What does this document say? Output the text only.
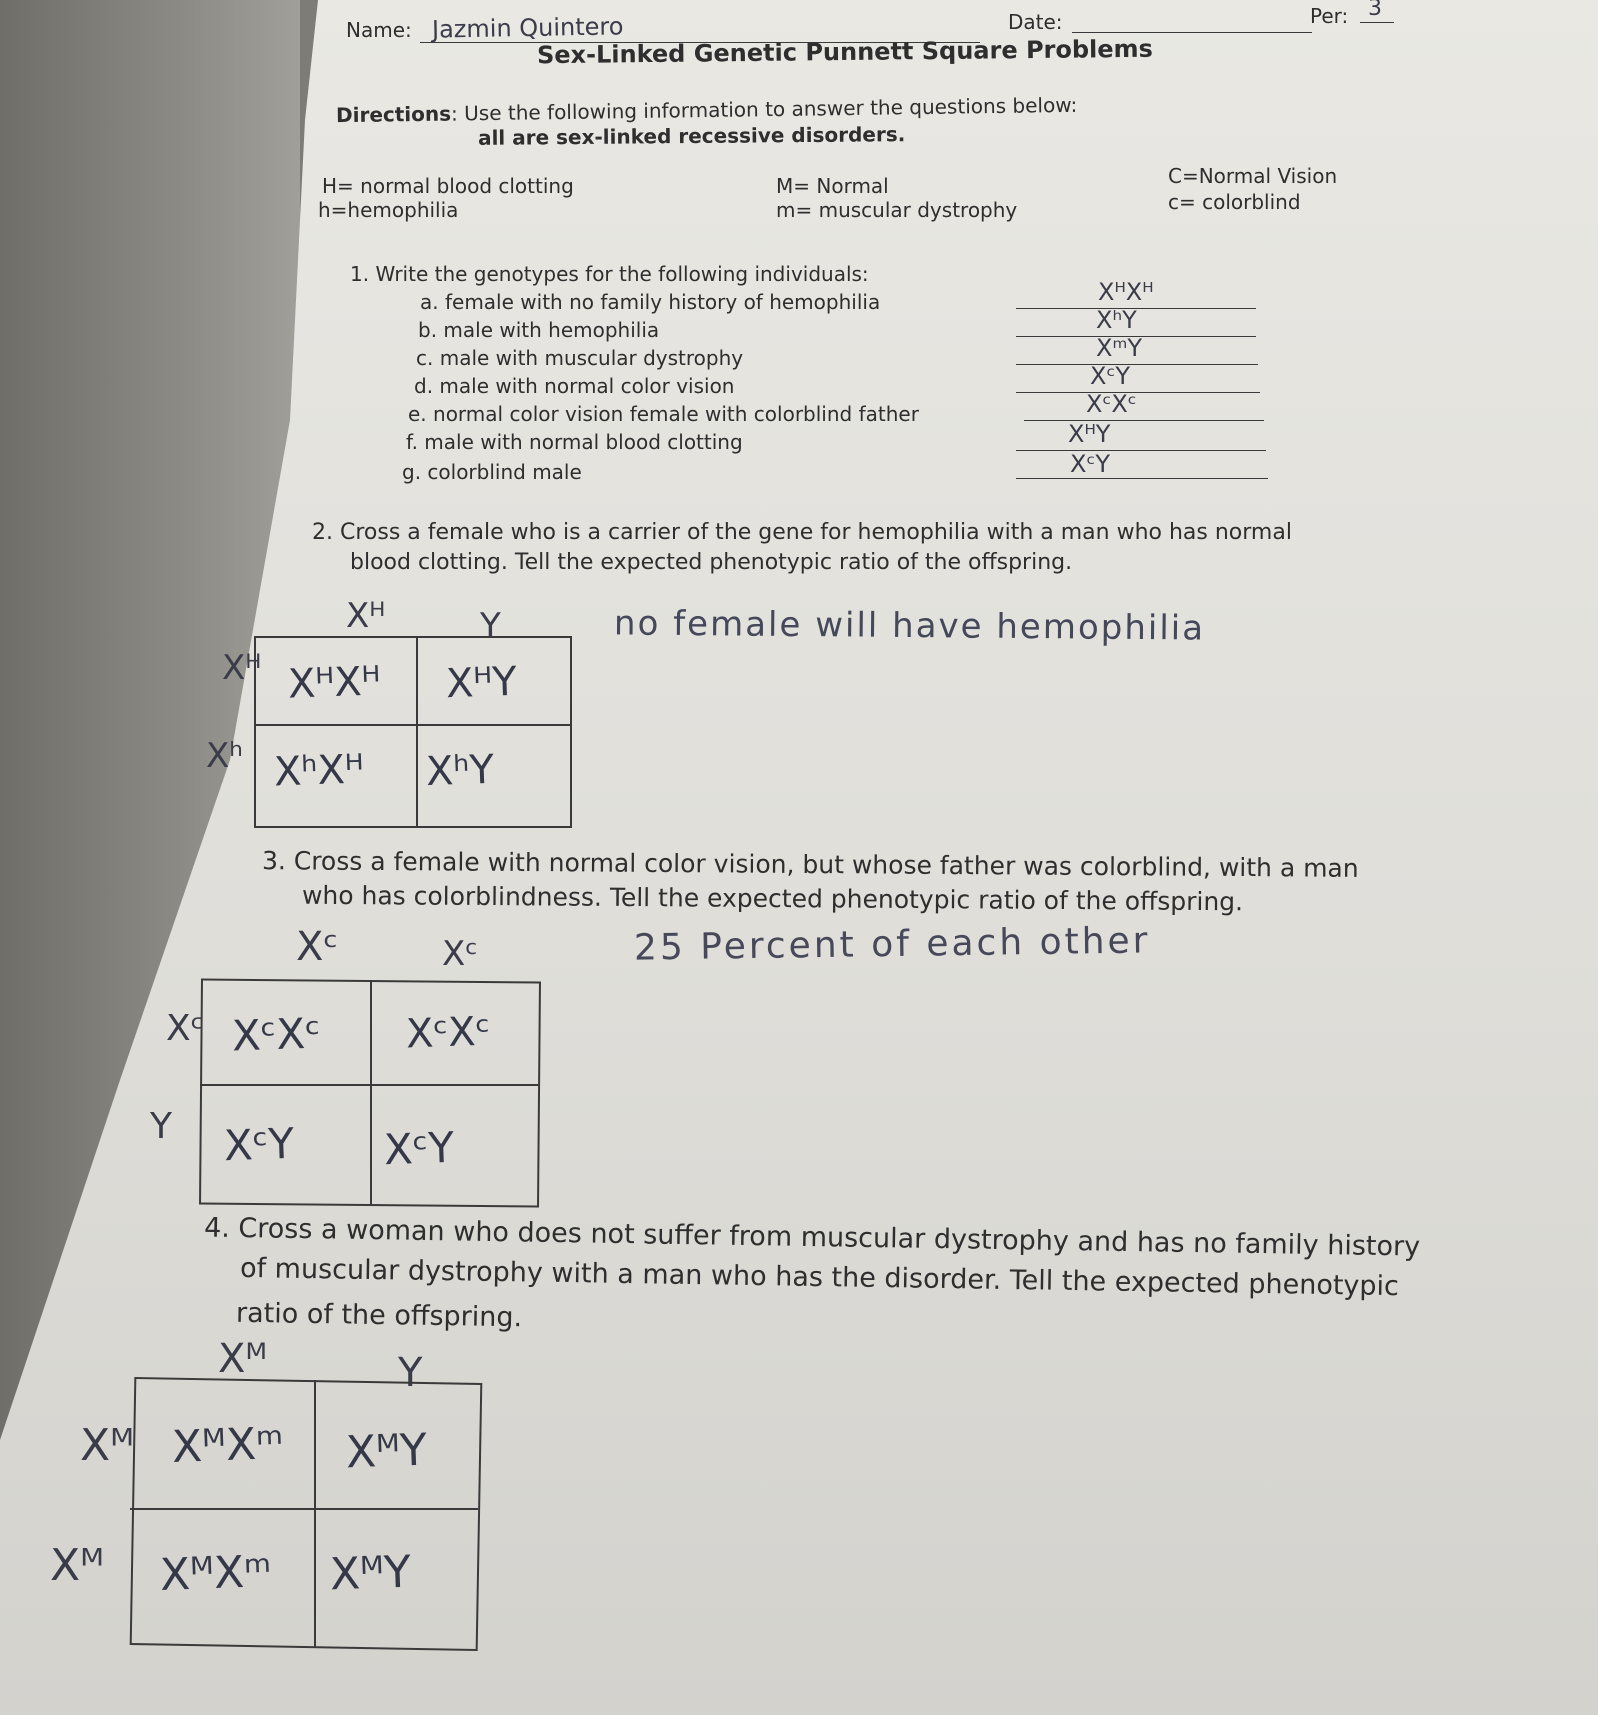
Name: Jazmin Quintero	Date:	Per: 3
Sex-Linked Genetic Punnett Square Problems
Directions: Use the following information to answer the questions below:
all are sex-linked recessive disorders.
H= normal blood clotting
h=hemophilia
M= Normal
m= muscular dystrophy
C=Normal Vision
c= colorblind
1. Write the genotypes for the following individuals:
a. female with no family history of hemophilia	XᴴXᴴ
b. male with hemophilia	XʰY
c. male with muscular dystrophy	XᵐY
d. male with normal color vision	XᶜY
e. normal color vision female with colorblind father	XᶜXᶜ
f. male with normal blood clotting	XᴴY
g. colorblind male	XᶜY
2. Cross a female who is a carrier of the gene for hemophilia with a man who has normal
blood clotting. Tell the expected phenotypic ratio of the offspring.
no female will have hemophilia
Xᴴ	Y
Xᴴ
Xʰ
XᴴXᴴ XᴴY
XʰXᴴ XʰY
3. Cross a female with normal color vision, but whose father was colorblind, with a man
who has colorblindness. Tell the expected phenotypic ratio of the offspring.
25 Percent of each other
Xᶜ	Xᶜ
Xᶜ
Y
XᶜXᶜ XᶜXᶜ
XᶜY XᶜY
4. Cross a woman who does not suffer from muscular dystrophy and has no family history
of muscular dystrophy with a man who has the disorder. Tell the expected phenotypic
ratio of the offspring.
Xᴹ	Y
Xᴹ
Xᴹ
XᴹXᵐ XᴹY
XᴹXᵐ XᴹY
